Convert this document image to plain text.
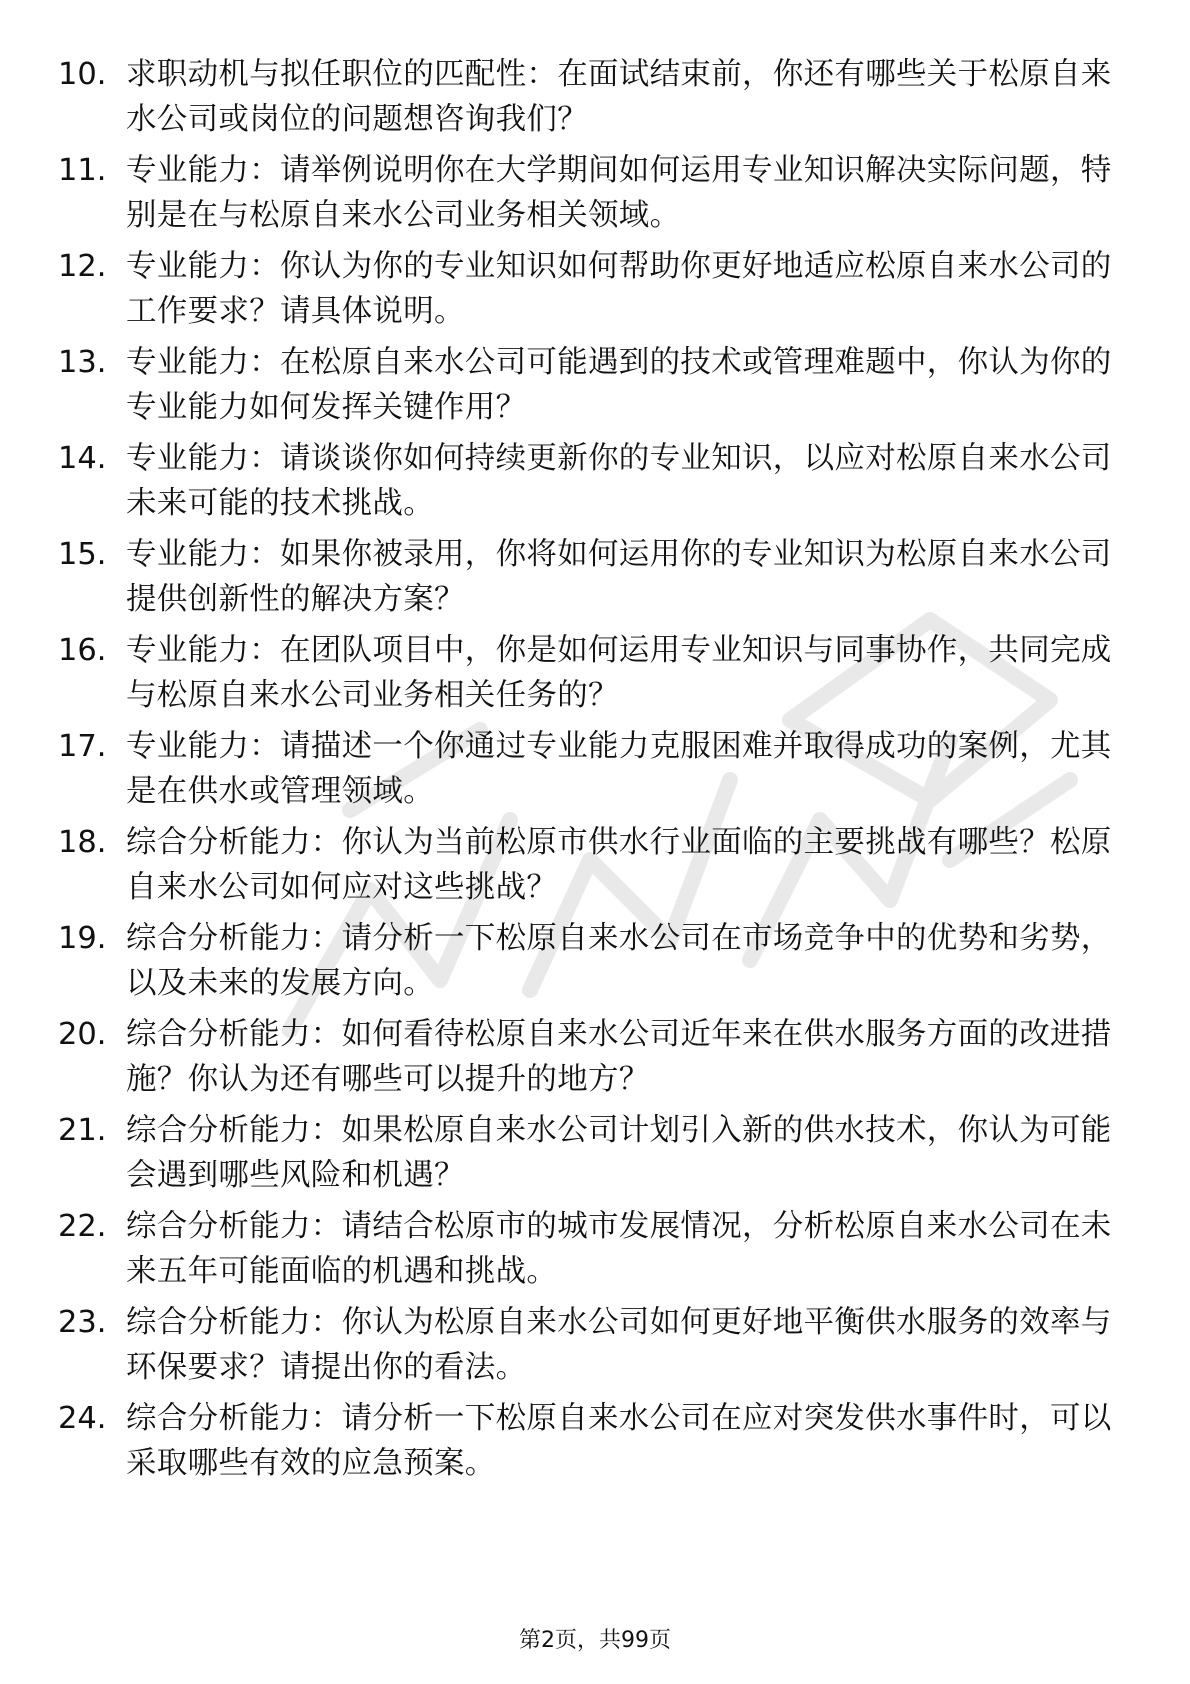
10. 求职动机与拟任职位的匹配性：在面试结束前，你还有哪些关于松原自来水公司或岗位的问题想咨询我们？
11. 专业能力：请举例说明你在大学期间如何运用专业知识解决实际问题，特别是在与松原自来水公司业务相关领域。
12. 专业能力：你认为你的专业知识如何帮助你更好地适应松原自来水公司的工作要求？请具体说明。
13. 专业能力：在松原自来水公司可能遇到的技术或管理难题中，你认为你的专业能力如何发挥关键作用？
14. 专业能力：请谈谈你如何持续更新你的专业知识，以应对松原自来水公司未来可能的技术挑战。
15. 专业能力：如果你被录用，你将如何运用你的专业知识为松原自来水公司提供创新性的解决方案？
16. 专业能力：在团队项目中，你是如何运用专业知识与同事协作，共同完成与松原自来水公司业务相关任务的？
17. 专业能力：请描述一个你通过专业能力克服困难并取得成功的案例，尤其是在供水或管理领域。
18. 综合分析能力：你认为当前松原市供水行业面临的主要挑战有哪些？松原自来水公司如何应对这些挑战？
19. 综合分析能力：请分析一下松原自来水公司在市场竞争中的优势和劣势，以及未来的发展方向。
20. 综合分析能力：如何看待松原自来水公司近年来在供水服务方面的改进措施？你认为还有哪些可以提升的地方？
21. 综合分析能力：如果松原自来水公司计划引入新的供水技术，你认为可能会遇到哪些风险和机遇？
22. 综合分析能力：请结合松原市的城市发展情况，分析松原自来水公司在未来五年可能面临的机遇和挑战。
23. 综合分析能力：你认为松原自来水公司如何更好地平衡供水服务的效率与环保要求？请提出你的看法。
24. 综合分析能力：请分析一下松原自来水公司在应对突发供水事件时，可以采取哪些有效的应急预案。
第2页，共99页
